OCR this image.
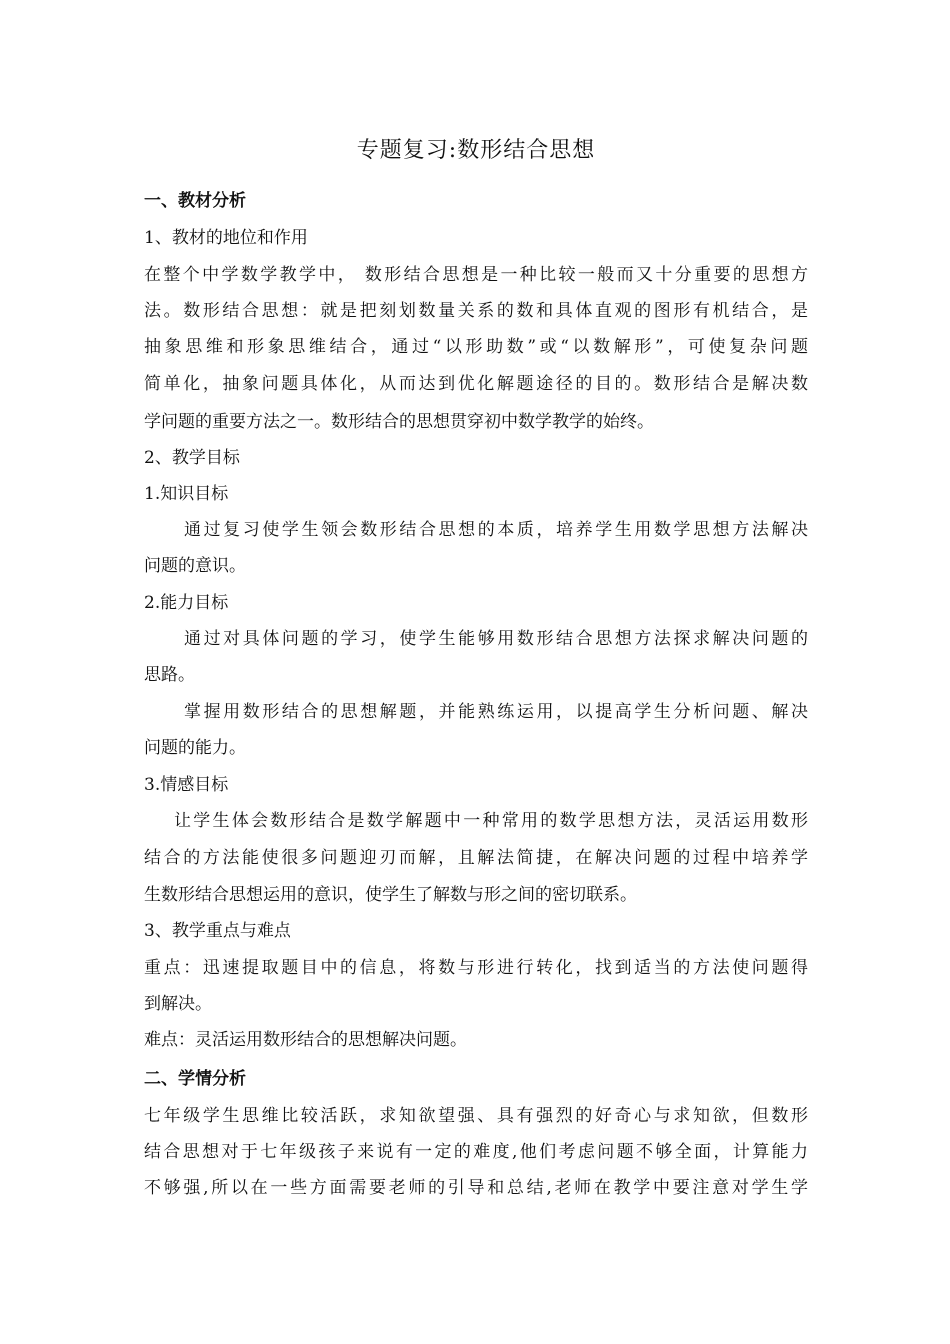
专题复习:数形结合思想
一、教材分析
1、教材的地位和作用
在整个中学数学教学中， 数形结合思想是一种比较一般而又十分重要的思想方
法。数形结合思想：就是把刻划数量关系的数和具体直观的图形有机结合，是
抽象思维和形象思维结合，通过“以形助数”或“以数解形”，可使复杂问题
简单化，抽象问题具体化，从而达到优化解题途径的目的。数形结合是解决数
学问题的重要方法之一。数形结合的思想贯穿初中数学教学的始终。
2、教学目标
1.知识目标
通过复习使学生领会数形结合思想的本质，培养学生用数学思想方法解决
问题的意识。
2.能力目标
通过对具体问题的学习，使学生能够用数形结合思想方法探求解决问题的
思路。
掌握用数形结合的思想解题，并能熟练运用，以提高学生分析问题、解决
问题的能力。
3.情感目标
让学生体会数形结合是数学解题中一种常用的数学思想方法，灵活运用数形
结合的方法能使很多问题迎刃而解，且解法简捷，在解决问题的过程中培养学
生数形结合思想运用的意识，使学生了解数与形之间的密切联系。
3、教学重点与难点
重点：迅速提取题目中的信息，将数与形进行转化，找到适当的方法使问题得
到解决。
难点：灵活运用数形结合的思想解决问题。
二、学情分析
七年级学生思维比较活跃，求知欲望强、具有强烈的好奇心与求知欲，但数形
结合思想对于七年级孩子来说有一定的难度,他们考虑问题不够全面，计算能力
不够强,所以在一些方面需要老师的引导和总结,老师在教学中要注意对学生学
